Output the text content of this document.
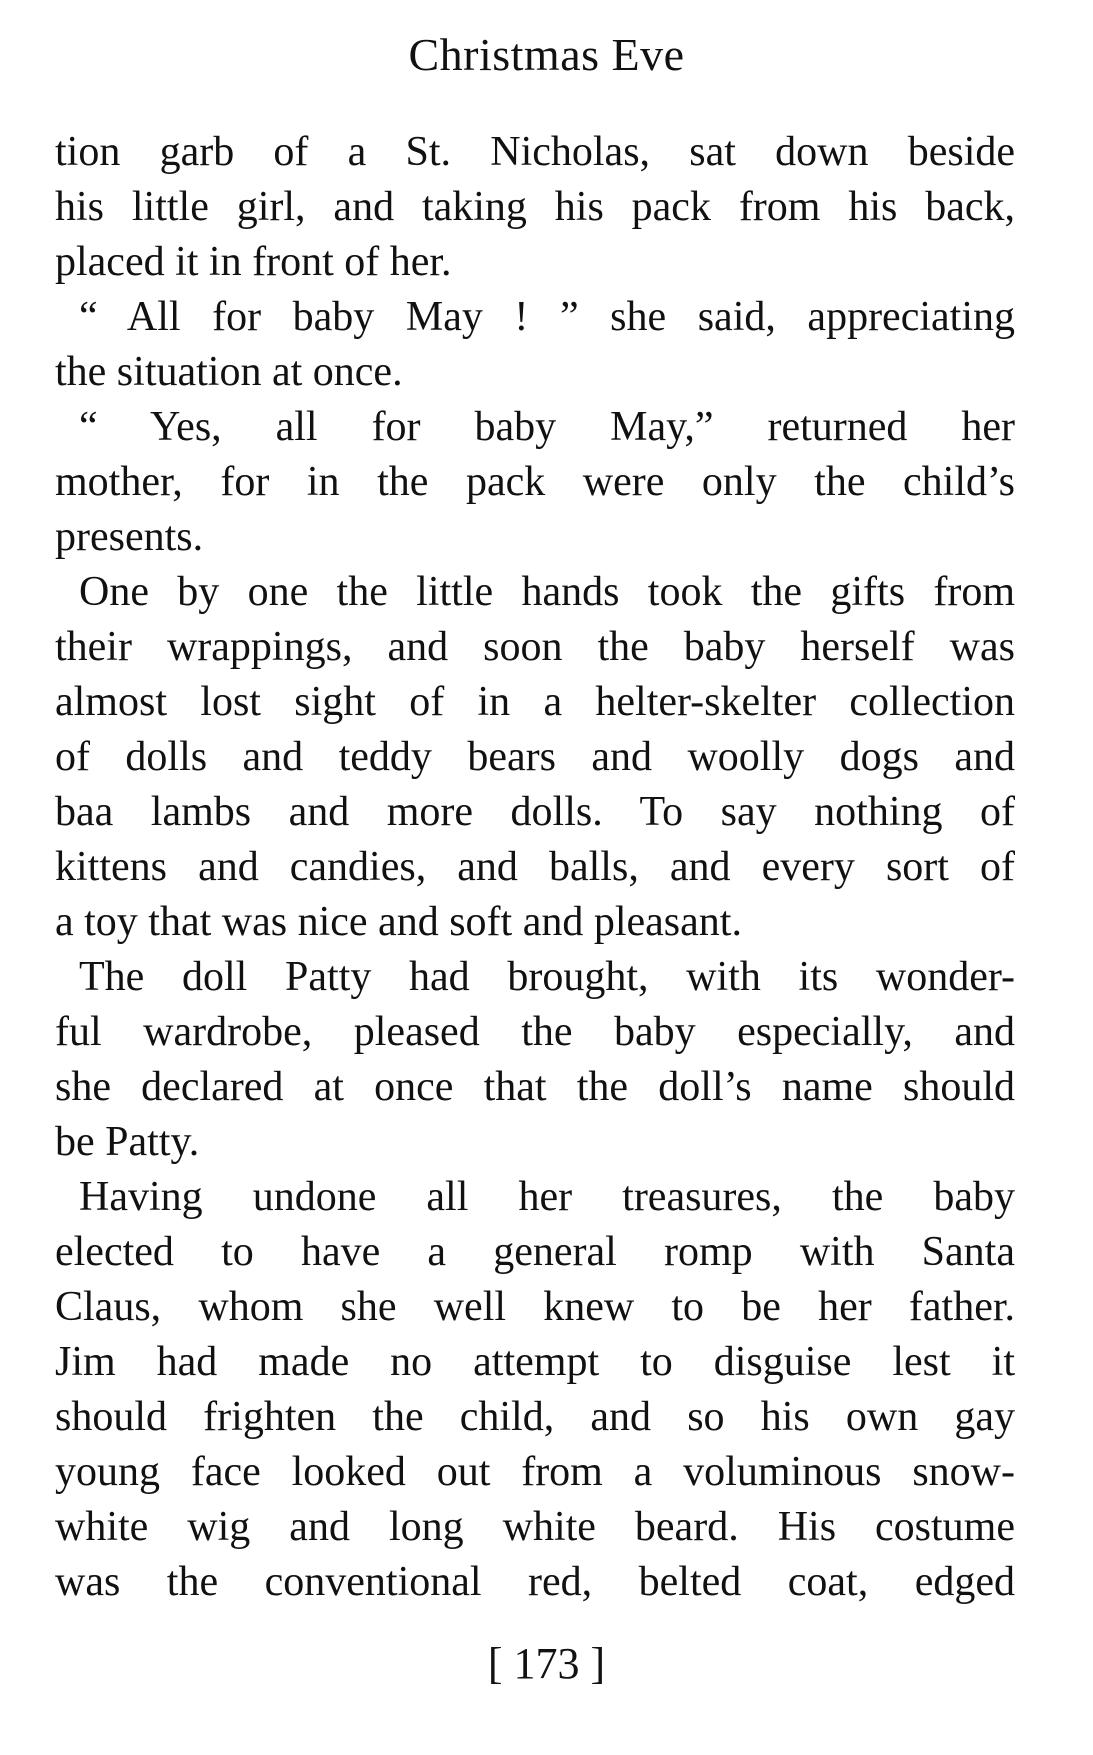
Christmas Eve
tion garb of a St. Nicholas, sat down beside
his little girl, and taking his pack from his back,
placed it in front of her.
“ All for baby May ! ” she said, appreciating
the situation at once.
“ Yes, all for baby May,” returned her
mother, for in the pack were only the child’s
presents.
One by one the little hands took the gifts from
their wrappings, and soon the baby herself was
almost lost sight of in a helter-skelter collection
of dolls and teddy bears and woolly dogs and
baa lambs and more dolls. To say nothing of
kittens and candies, and balls, and every sort of
a toy that was nice and soft and pleasant.
The doll Patty had brought, with its wonder-
ful wardrobe, pleased the baby especially, and
she declared at once that the doll’s name should
be Patty.
Having undone all her treasures, the baby
elected to have a general romp with Santa
Claus, whom she well knew to be her father.
Jim had made no attempt to disguise lest it
should frighten the child, and so his own gay
young face looked out from a voluminous snow-
white wig and long white beard. His costume
was the conventional red, belted coat, edged
[ 173 ]
